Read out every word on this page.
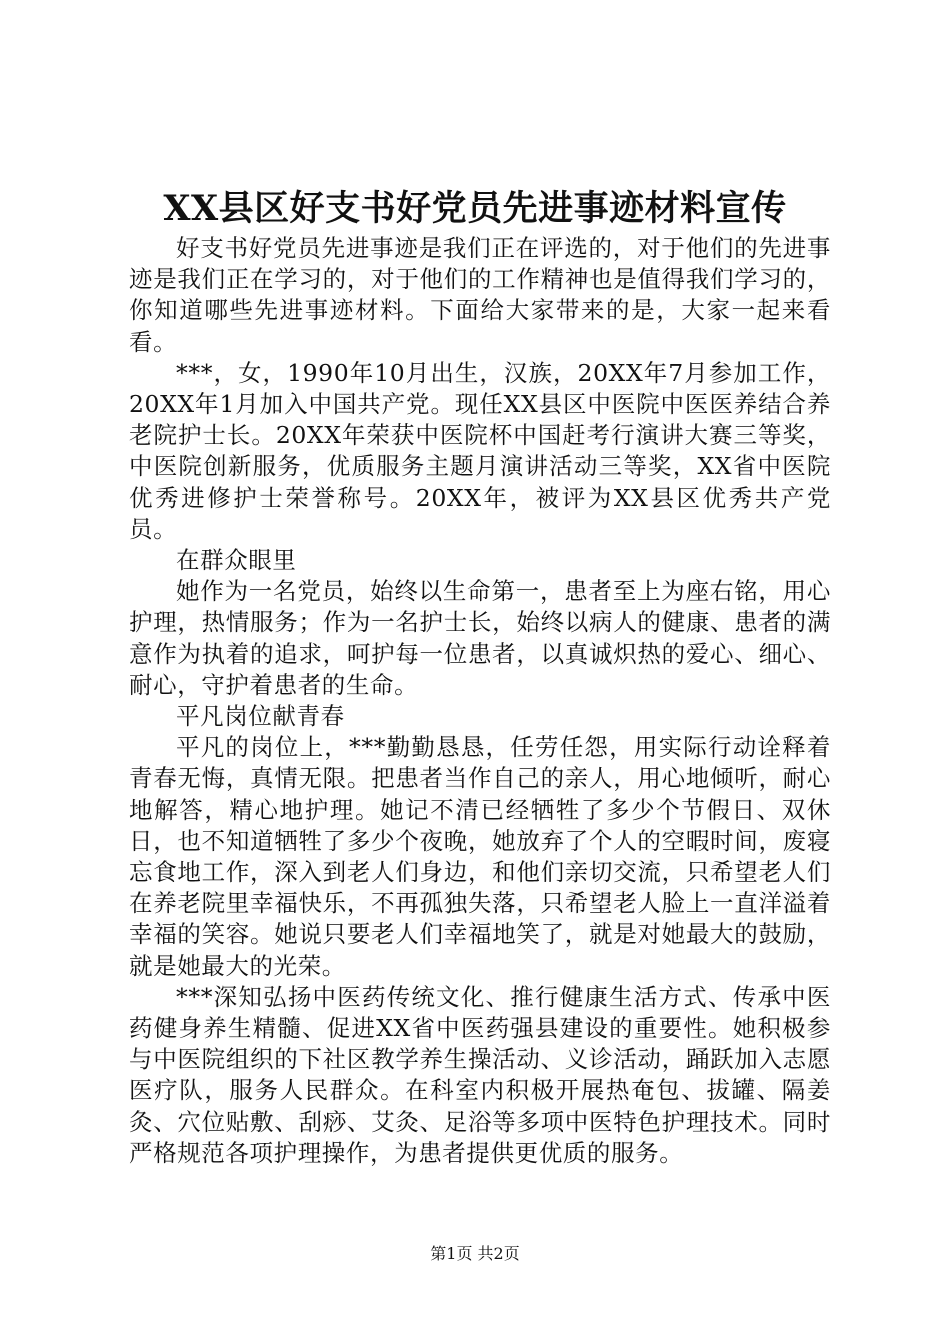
XX县区好支书好党员先进事迹材料宣传

好支书好党员先进事迹是我们正在评选的，对于他们的先进事迹是我们正在学习的，对于他们的工作精神也是值得我们学习的，你知道哪些先进事迹材料。下面给大家带来的是，大家一起来看看。

***，女，1990年10月出生，汉族，20XX年7月参加工作，20XX年1月加入中国共产党。现任XX县区中医院中医医养结合养老院护士长。20XX年荣获中医院杯中国赶考行演讲大赛三等奖，中医院创新服务，优质服务主题月演讲活动三等奖，XX省中医院优秀进修护士荣誉称号。20XX年，被评为XX县区优秀共产党员。

在群众眼里

她作为一名党员，始终以生命第一，患者至上为座右铭，用心护理，热情服务；作为一名护士长，始终以病人的健康、患者的满意作为执着的追求，呵护每一位患者，以真诚炽热的爱心、细心、耐心，守护着患者的生命。

平凡岗位献青春

平凡的岗位上，***勤勤恳恳，任劳任怨，用实际行动诠释着青春无悔，真情无限。把患者当作自己的亲人，用心地倾听，耐心地解答，精心地护理。她记不清已经牺牲了多少个节假日、双休日，也不知道牺牲了多少个夜晚，她放弃了个人的空暇时间，废寝忘食地工作，深入到老人们身边，和他们亲切交流，只希望老人们在养老院里幸福快乐，不再孤独失落，只希望老人脸上一直洋溢着幸福的笑容。她说只要老人们幸福地笑了，就是对她最大的鼓励，就是她最大的光荣。

***深知弘扬中医药传统文化、推行健康生活方式、传承中医药健身养生精髓、促进XX省中医药强县建设的重要性。她积极参与中医院组织的下社区教学养生操活动、义诊活动，踊跃加入志愿医疗队，服务人民群众。在科室内积极开展热奄包、拔罐、隔姜灸、穴位贴敷、刮痧、艾灸、足浴等多项中医特色护理技术。同时严格规范各项护理操作，为患者提供更优质的服务。

第1页 共2页
